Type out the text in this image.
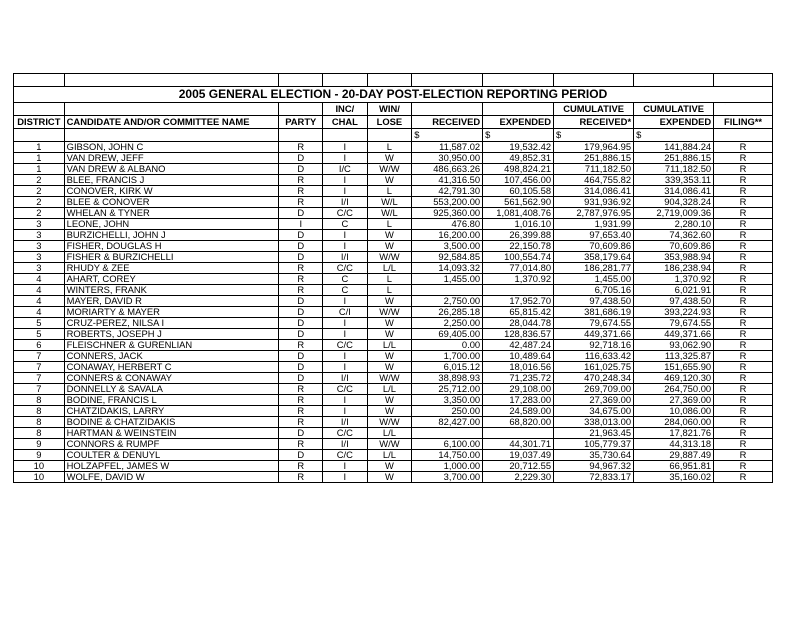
2005 GENERAL ELECTION - 20-DAY POST-ELECTION REPORTING PERIOD									
			INC/	WIN/			CUMULATIVE	CUMULATIVE	
DISTRICT	CANDIDATE AND/OR COMMITTEE NAME	PARTY	CHAL	LOSE	RECEIVED	EXPENDED	RECEIVED*	EXPENDED	FILING**
					$	$	$	$	
1	GIBSON, JOHN C	R	I	L	11,587.02	19,532.42	179,964.95	141,884.24	R
1	VAN DREW, JEFF	D	I	W	30,950.00	49,852.31	251,886.15	251,886.15	R
1	VAN DREW & ALBANO	D	I/C	W/W	486,663.26	498,824.21	711,182.50	711,182.50	R
2	BLEE, FRANCIS J	R	I	W	41,316.50	107,456.00	464,755.82	339,353.11	R
2	CONOVER, KIRK W	R	I	L	42,791.30	60,105.58	314,086.41	314,086.41	R
2	BLEE & CONOVER	R	I/I	W/L	553,200.00	561,562.90	931,936.92	904,328.24	R
2	WHELAN & TYNER	D	C/C	W/L	925,360.00	1,081,408.76	2,787,976.95	2,719,009.36	R
3	LEONE, JOHN	I	C	L	476.80	1,016.10	1,931.99	2,280.10	R
3	BURZICHELLI, JOHN J	D	I	W	16,200.00	26,399.88	97,653.40	74,362.60	R
3	FISHER, DOUGLAS H	D	I	W	3,500.00	22,150.78	70,609.86	70,609.86	R
3	FISHER & BURZICHELLI	D	I/I	W/W	92,584.85	100,554.74	358,179.64	353,988.94	R
3	RHUDY & ZEE	R	C/C	L/L	14,093.32	77,014.80	186,281.77	186,238.94	R
4	AHART, COREY	R	C	L	1,455.00	1,370.92	1,455.00	1,370.92	R
4	WINTERS, FRANK	R	C	L			6,705.16	6,021.91	R
4	MAYER, DAVID R	D	I	W	2,750.00	17,952.70	97,438.50	97,438.50	R
4	MORIARTY & MAYER	D	C/I	W/W	26,285.18	65,815.42	381,686.19	393,224.93	R
5	CRUZ-PEREZ, NILSA I	D	I	W	2,250.00	28,044.78	79,674.55	79,674.55	R
5	ROBERTS, JOSEPH J	D	I	W	69,405.00	128,836.57	449,371.66	449,371.66	R
6	FLEISCHNER & GURENLIAN	R	C/C	L/L	0.00	42,487.24	92,718.16	93,062.90	R
7	CONNERS, JACK	D	I	W	1,700.00	10,489.64	116,633.42	113,325.87	R
7	CONAWAY, HERBERT C	D	I	W	6,015.12	18,016.56	161,025.75	151,655.90	R
7	CONNERS & CONAWAY	D	I/I	W/W	38,898.93	71,235.72	470,248.34	469,120.30	R
7	DONNELLY & SAVALA	R	C/C	L/L	25,712.00	29,108.00	269,709.00	264,750.00	R
8	BODINE, FRANCIS L	R	I	W	3,350.00	17,283.00	27,369.00	27,369.00	R
8	CHATZIDAKIS, LARRY	R	I	W	250.00	24,589.00	34,675.00	10,086.00	R
8	BODINE & CHATZIDAKIS	R	I/I	W/W	82,427.00	68,820.00	338,013.00	284,060.00	R
8	HARTMAN & WEINSTEIN	D	C/C	L/L			21,963.45	17,821.76	R
9	CONNORS & RUMPF	R	I/I	W/W	6,100.00	44,301.71	105,779.37	44,313.18	R
9	COULTER & DENUYL	D	C/C	L/L	14,750.00	19,037.49	35,730.64	29,887.49	R
10	HOLZAPFEL, JAMES W	R	I	W	1,000.00	20,712.55	94,967.32	66,951.81	R
10	WOLFE, DAVID W	R	I	W	3,700.00	2,229.30	72,833.17	35,160.02	R
